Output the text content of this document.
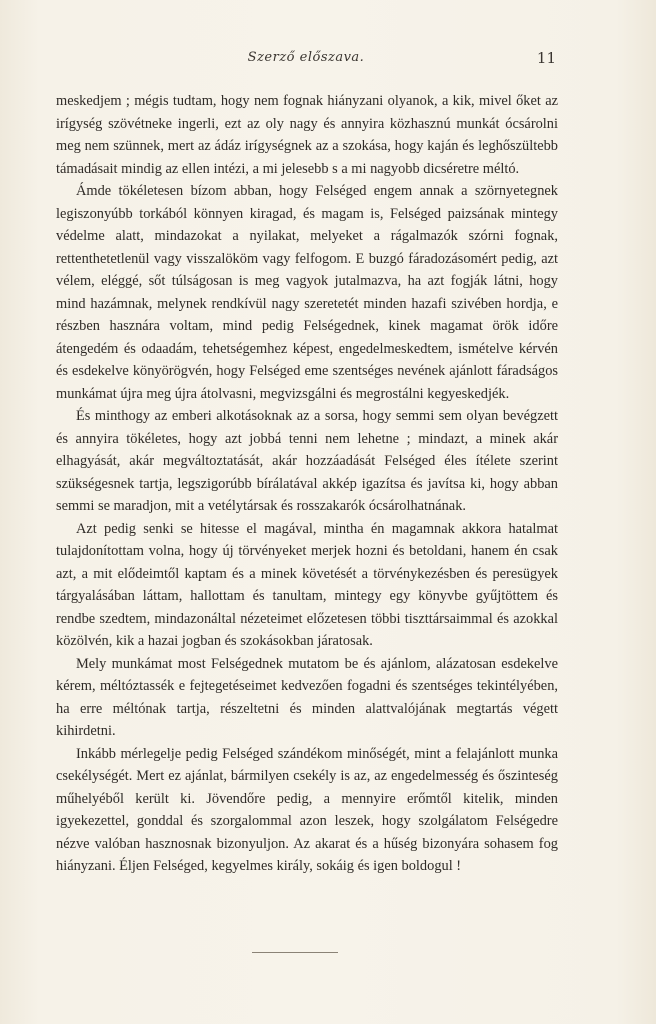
Szerző előszava.	11

meskedjem ; mégis tudtam, hogy nem fognak hiányzani olyanok, a kik, mivel őket az irígység szövétneke ingerli, ezt az oly nagy és annyira közhasznú munkát ócsárolni meg nem szünnek, mert az ádáz irígységnek az a szokása, hogy kaján és leghőszültebb támadásait mindig az ellen intézi, a mi jelesebb s a mi nagyobb dicséretre méltó.

Ámde tökéletesen bízom abban, hogy Felséged engem annak a szörnyetegnek legiszonyúbb torkából könnyen kiragad, és magam is, Felséged paizsának mintegy védelme alatt, mindazokat a nyilakat, melyeket a rágalmazók szórni fognak, rettenthetetlenül vagy visszalököm vagy felfogom. E buzgó fáradozásomért pedig, azt vélem, eléggé, sőt túlságosan is meg vagyok jutalmazva, ha azt fogják látni, hogy mind hazámnak, melynek rendkívül nagy szeretetét minden hazafi szivében hordja, e részben hasznára voltam, mind pedig Felségednek, kinek magamat örök időre átengedém és odaadám, tehetségemhez képest, engedelmeskedtem, ismételve kérvén és esdekelve könyörögvén, hogy Felséged eme szentséges nevének ajánlott fáradságos munkámat újra meg újra átolvasni, megvizsgálni és megrostálni kegyeskedjék.

És minthogy az emberi alkotásoknak az a sorsa, hogy semmi sem olyan bevégzett és annyira tökéletes, hogy azt jobbá tenni nem lehetne ; mindazt, a minek akár elhagyását, akár megváltoztatását, akár hozzáadását Felséged éles ítélete szerint szükségesnek tartja, legszigorúbb bírálatával akkép igazítsa és javítsa ki, hogy abban semmi se maradjon, mit a vetélytársak és rosszakarók ócsárolhatnának.

Azt pedig senki se hitesse el magával, mintha én magamnak akkora hatalmat tulajdonítottam volna, hogy új törvényeket merjek hozni és betoldani, hanem én csak azt, a mit elődeimtől kaptam és a minek követését a törvénykezésben és peresügyek tárgyalásában láttam, hallottam és tanultam, mintegy egy könyvbe gyűjtöttem és rendbe szedtem, mindazonáltal nézeteimet előzetesen többi tiszttársaimmal és azokkal közölvén, kik a hazai jogban és szokásokban járatosak.

Mely munkámat most Felségednek mutatom be és ajánlom, alázatosan esdekelve kérem, méltóztassék e fejtegetéseimet kedvezően fogadni és szentséges tekintélyében, ha erre méltónak tartja, részeltetni és minden alattvalójának megtartás végett kihirdetni.

Inkább mérlegelje pedig Felséged szándékom minőségét, mint a felajánlott munka csekélységét. Mert ez ajánlat, bármilyen csekély is az, az engedelmesség és őszinteség műhelyéből került ki. Jövendőre pedig, a mennyire erőmtől kitelik, minden igyekezettel, gonddal és szorgalommal azon leszek, hogy szolgálatom Felségedre nézve valóban hasznosnak bizonyuljon. Az akarat és a hűség bizonyára sohasem fog hiányzani. Éljen Felséged, kegyelmes király, sokáig és igen boldogul !
